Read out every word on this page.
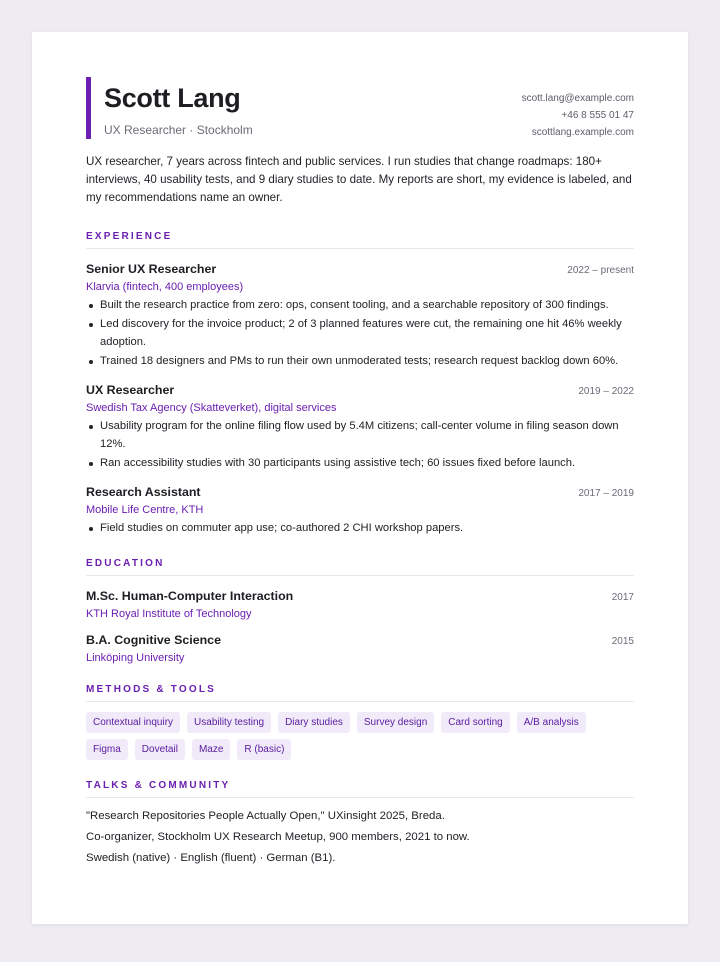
Scott Lang
UX Researcher · Stockholm
scott.lang@example.com
+46 8 555 01 47
scottlang.example.com

UX researcher, 7 years across fintech and public services. I run studies that change roadmaps: 180+ interviews, 40 usability tests, and 9 diary studies to date. My reports are short, my evidence is labeled, and my recommendations name an owner.

EXPERIENCE
Senior UX Researcher	2022 – present
Klarvia (fintech, 400 employees)
Built the research practice from zero: ops, consent tooling, and a searchable repository of 300 findings.
Led discovery for the invoice product; 2 of 3 planned features were cut, the remaining one hit 46% weekly adoption.
Trained 18 designers and PMs to run their own unmoderated tests; research request backlog down 60%.
UX Researcher	2019 – 2022
Swedish Tax Agency (Skatteverket), digital services
Usability program for the online filing flow used by 5.4M citizens; call-center volume in filing season down 12%.
Ran accessibility studies with 30 participants using assistive tech; 60 issues fixed before launch.
Research Assistant	2017 – 2019
Mobile Life Centre, KTH
Field studies on commuter app use; co-authored 2 CHI workshop papers.
EDUCATION
M.Sc. Human-Computer Interaction	2017
KTH Royal Institute of Technology
B.A. Cognitive Science	2015
Linköping University
METHODS & TOOLS
Contextual inquiry	Usability testing	Diary studies	Survey design	Card sorting	A/B analysis
Figma	Dovetail	Maze	R (basic)
TALKS & COMMUNITY
"Research Repositories People Actually Open," UXinsight 2025, Breda.
Co-organizer, Stockholm UX Research Meetup, 900 members, 2021 to now.
Swedish (native) · English (fluent) · German (B1).
